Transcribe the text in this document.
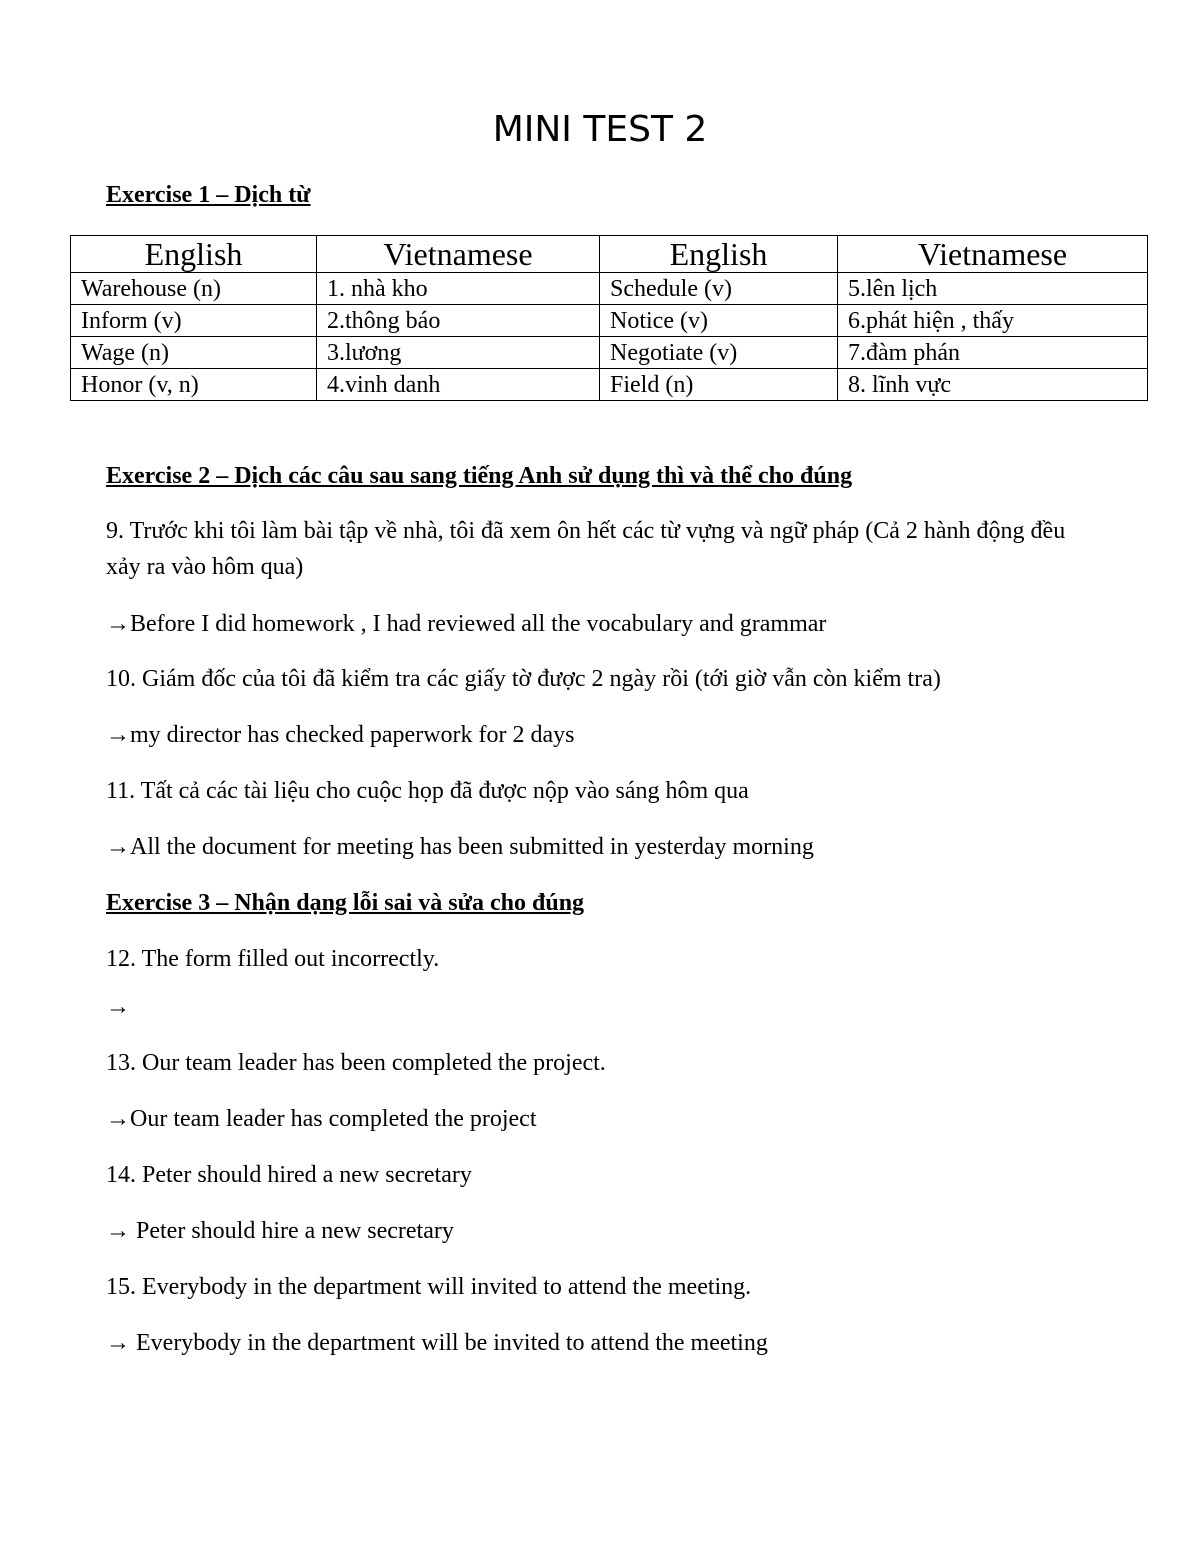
MINI TEST 2
Exercise 1 – Dịch từ
English	Vietnamese	English	Vietnamese
Warehouse (n)	1. nhà kho	Schedule (v)	5.lên lịch
Inform (v)	2.thông báo	Notice (v)	6.phát hiện , thấy
Wage (n)	3.lương	Negotiate (v)	7.đàm phán
Honor (v, n)	4.vinh danh	Field (n)	8. lĩnh vực
Exercise 2 – Dịch các câu sau sang tiếng Anh sử dụng thì và thể cho đúng
9. Trước khi tôi làm bài tập về nhà, tôi đã xem ôn hết các từ vựng và ngữ pháp (Cả 2 hành động đều xảy ra vào hôm qua)
→Before I did homework , I had reviewed all the vocabulary and grammar
10. Giám đốc của tôi đã kiểm tra các giấy tờ được 2 ngày rồi (tới giờ vẫn còn kiểm tra)
→my director has checked paperwork for 2 days
11. Tất cả các tài liệu cho cuộc họp đã được nộp vào sáng hôm qua
→All the document for meeting has been submitted in yesterday morning
Exercise 3 – Nhận dạng lỗi sai và sửa cho đúng
12. The form filled out incorrectly.
→
13. Our team leader has been completed the project.
→Our team leader has completed the project
14. Peter should hired a new secretary
→ Peter should hire a new secretary
15. Everybody in the department will invited to attend the meeting.
→ Everybody in the department will be invited to attend the meeting
